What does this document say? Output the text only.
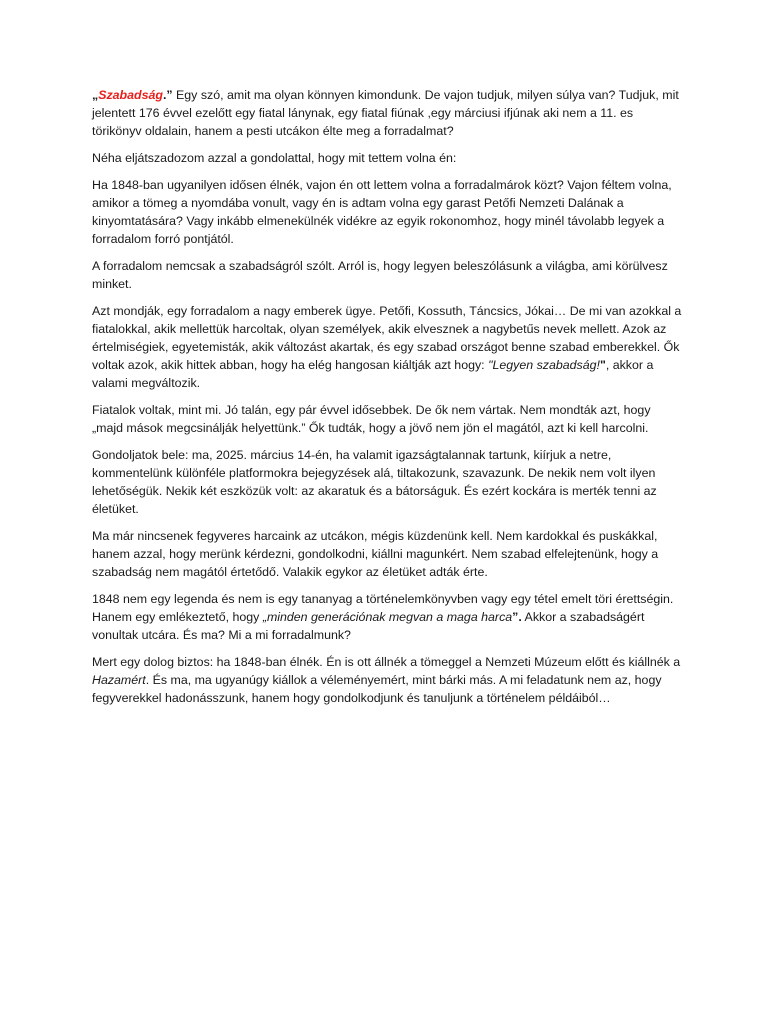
„Szabadság.” Egy szó, amit ma olyan könnyen kimondunk. De vajon tudjuk, milyen súlya van? Tudjuk, mit jelentett 176 évvel ezelőtt egy fiatal lánynak, egy fiatal fiúnak ,egy márciusi ifjúnak aki nem a 11. es törikönyv oldalain, hanem a pesti utcákon élte meg a forradalmat?

Néha eljátszadozom azzal a gondolattal, hogy mit tettem volna én:

Ha 1848-ban ugyanilyen idősen élnék, vajon én ott lettem volna a forradalmárok közt? Vajon féltem volna, amikor a tömeg a nyomdába vonult, vagy én is adtam volna egy garast Petőfi Nemzeti Dalának a kinyomtatására? Vagy inkább elmenekülnék vidékre az egyik rokonomhoz, hogy minél távolabb legyek a forradalom forró pontjától.

A forradalom nemcsak a szabadságról szólt. Arról is, hogy legyen beleszólásunk a világba, ami körülvesz minket.

Azt mondják, egy forradalom a nagy emberek ügye. Petőfi, Kossuth, Táncsics, Jókai… De mi van azokkal a fiatalokkal, akik mellettük harcoltak, olyan személyek, akik elvesznek a nagybetűs nevek mellett. Azok az értelmiségiek, egyetemisták, akik változást akartak, és egy szabad országot benne szabad emberekkel. Ők voltak azok, akik hittek abban, hogy ha elég hangosan kiáltják azt hogy: "Legyen szabadság!", akkor a valami megváltozik.

Fiatalok voltak, mint mi. Jó talán, egy pár évvel idősebbek. De ők nem vártak. Nem mondták azt, hogy „majd mások megcsinálják helyettünk.” Ők tudták, hogy a jövő nem jön el magától, azt ki kell harcolni.

Gondoljatok bele: ma, 2025. március 14-én, ha valamit igazságtalannak tartunk, kiírjuk a netre, kommentelünk különféle platformokra bejegyzések alá, tiltakozunk, szavazunk. De nekik nem volt ilyen lehetőségük. Nekik két eszközük volt: az akaratuk és a bátorságuk. És ezért kockára is merték tenni az életüket.

Ma már nincsenek fegyveres harcaink az utcákon, mégis küzdenünk kell. Nem kardokkal és puskákkal, hanem azzal, hogy merünk kérdezni, gondolkodni, kiállni magunkért. Nem szabad elfelejtenünk, hogy a szabadság nem magától értetődő. Valakik egykor az életüket adták érte.

1848 nem egy legenda és nem is egy tananyag a történelemkönyvben vagy egy tétel emelt töri érettségin. Hanem egy emlékeztető, hogy „minden generációnak megvan a maga harca”. Akkor a szabadságért vonultak utcára. És ma? Mi a mi forradalmunk?

Mert egy dolog biztos: ha 1848-ban élnék. Én is ott állnék a tömeggel a Nemzeti Múzeum előtt és kiállnék a Hazamért. És ma, ma ugyanúgy kiállok a véleményemért, mint bárki más. A mi feladatunk nem az, hogy fegyverekkel hadonásszunk, hanem hogy gondolkodjunk és tanuljunk a történelem példáiból…
